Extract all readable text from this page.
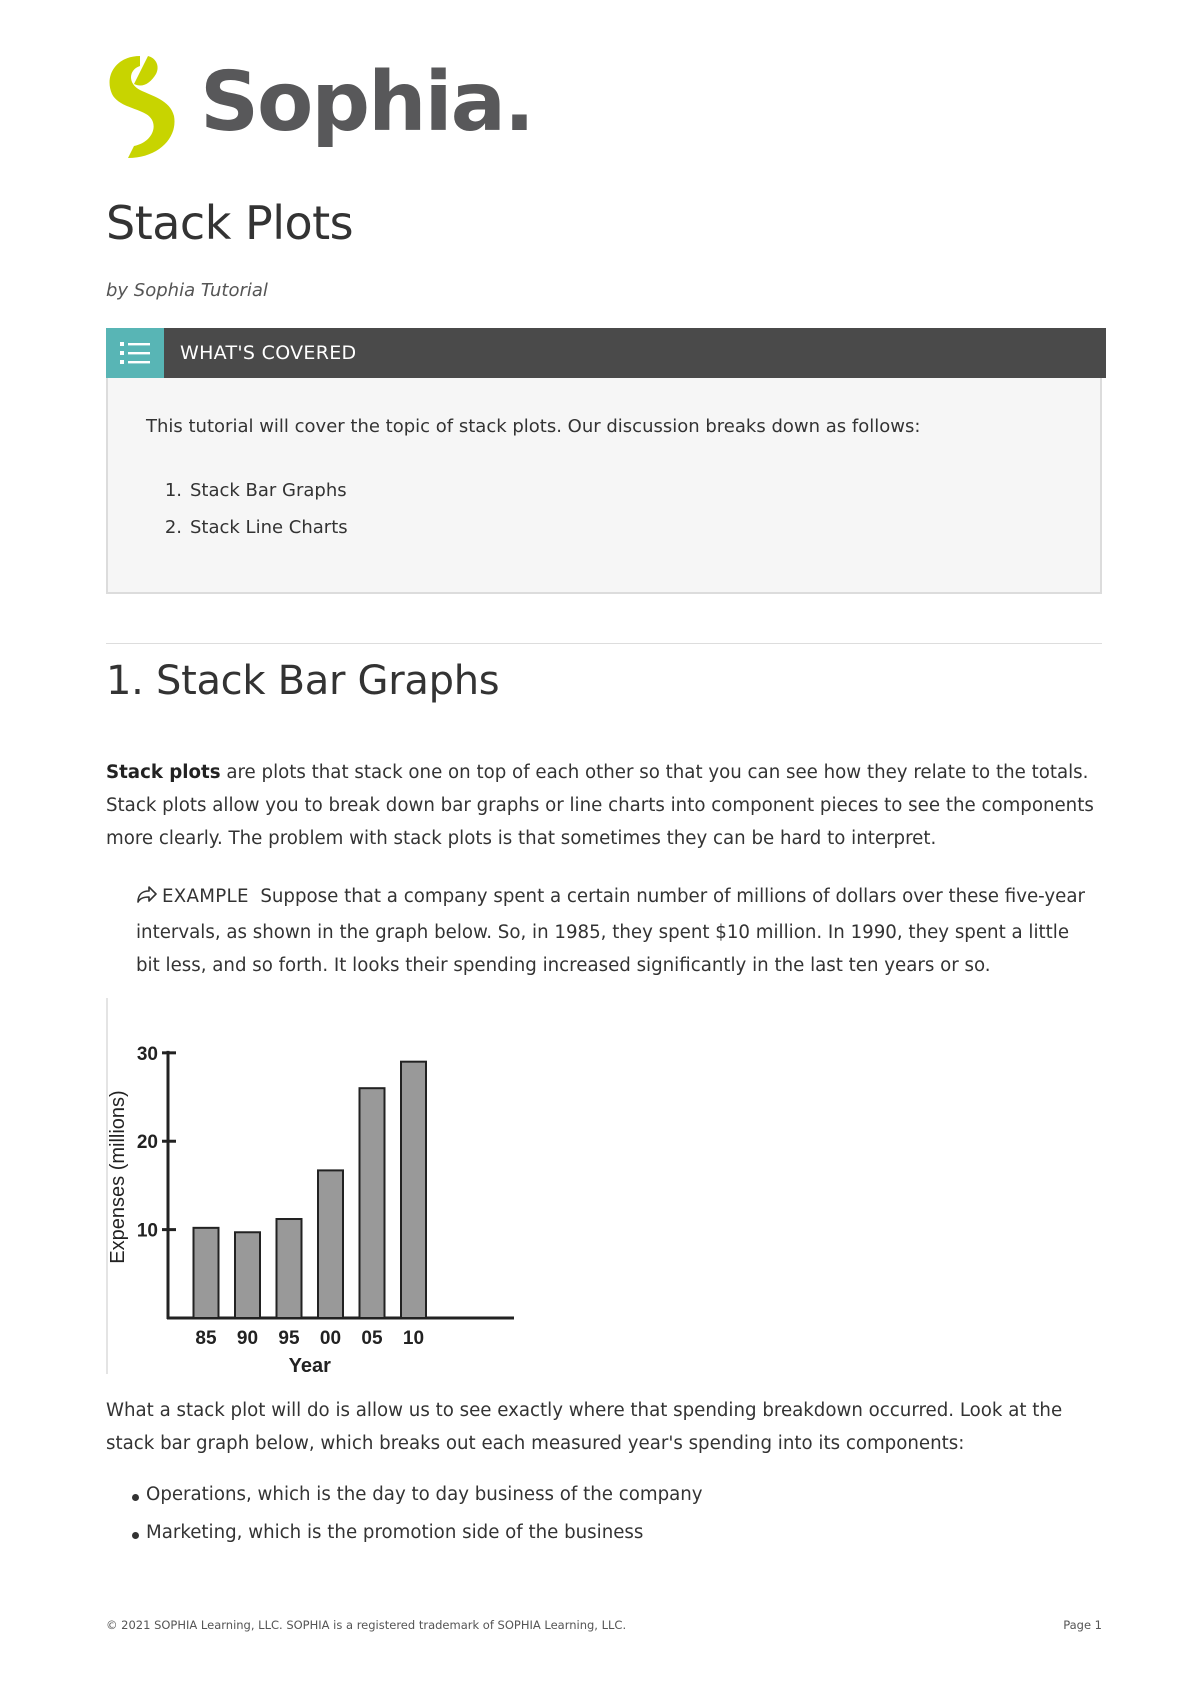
Sophia.
Stack Plots
by Sophia Tutorial
WHAT'S COVERED
This tutorial will cover the topic of stack plots. Our discussion breaks down as follows:
1. Stack Bar Graphs
2. Stack Line Charts
1. Stack Bar Graphs

Stack plots are plots that stack one on top of each other so that you can see how they relate to the totals. Stack plots allow you to break down bar graphs or line charts into component pieces to see the components more clearly. The problem with stack plots is that sometimes they can be hard to interpret.

EXAMPLE Suppose that a company spent a certain number of millions of dollars over these five-year intervals, as shown in the graph below. So, in 1985, they spent $10 million. In 1990, they spent a little bit less, and so forth. It looks their spending increased significantly in the last ten years or so.

10
20
30
Expenses (millions)
85 90 95 00 05 10
Year

What a stack plot will do is allow us to see exactly where that spending breakdown occurred. Look at the stack bar graph below, which breaks out each measured year's spending into its components:

Operations, which is the day to day business of the company
Marketing, which is the promotion side of the business
© 2021 SOPHIA Learning, LLC. SOPHIA is a registered trademark of SOPHIA Learning, LLC.	Page 1
